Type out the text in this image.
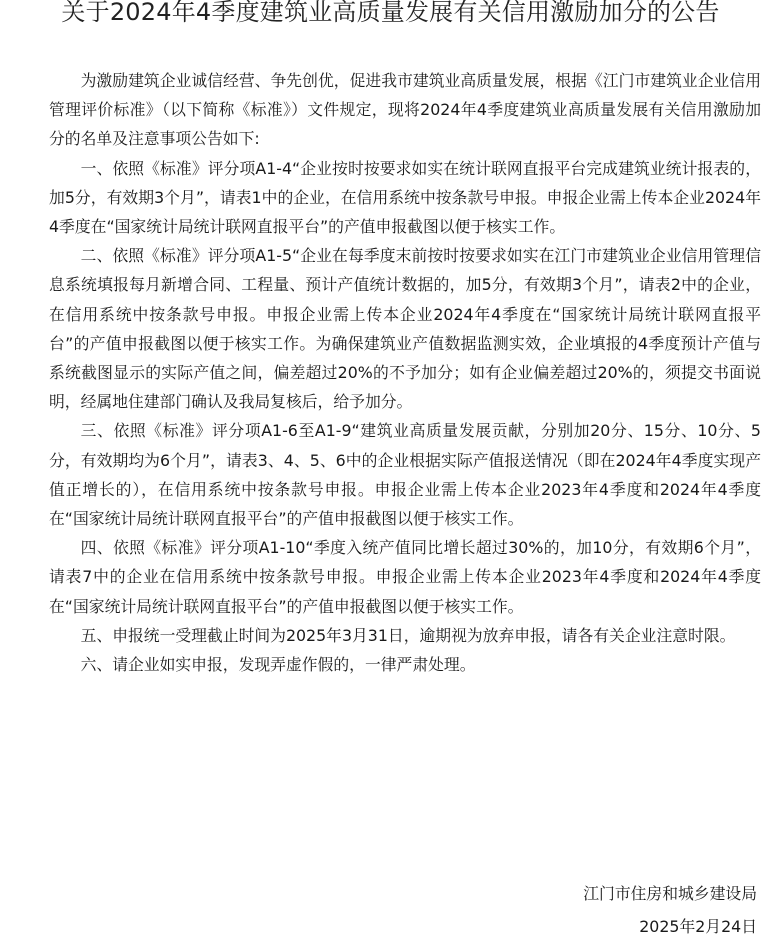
关于2024年4季度建筑业高质量发展有关信用激励加分的公告

为激励建筑企业诚信经营、争先创优，促进我市建筑业高质量发展，根据《江门市建筑业企业信用管理评价标准》（以下简称《标准》）文件规定，现将2024年4季度建筑业高质量发展有关信用激励加分的名单及注意事项公告如下:

一、依照《标准》评分项A1-4“企业按时按要求如实在统计联网直报平台完成建筑业统计报表的，加5分，有效期3个月”，请表1中的企业，在信用系统中按条款号申报。申报企业需上传本企业2024年4季度在“国家统计局统计联网直报平台”的产值申报截图以便于核实工作。

二、依照《标准》评分项A1-5“企业在每季度末前按时按要求如实在江门市建筑业企业信用管理信息系统填报每月新增合同、工程量、预计产值统计数据的，加5分，有效期3个月”，请表2中的企业，在信用系统中按条款号申报。申报企业需上传本企业2024年4季度在“国家统计局统计联网直报平台”的产值申报截图以便于核实工作。为确保建筑业产值数据监测实效，企业填报的4季度预计产值与系统截图显示的实际产值之间，偏差超过20%的不予加分；如有企业偏差超过20%的，须提交书面说明，经属地住建部门确认及我局复核后，给予加分。

三、依照《标准》评分项A1-6至A1-9“建筑业高质量发展贡献，分别加20分、15分、10分、5分，有效期均为6个月”，请表3、4、5、6中的企业根据实际产值报送情况（即在2024年4季度实现产值正增长的），在信用系统中按条款号申报。申报企业需上传本企业2023年4季度和2024年4季度在“国家统计局统计联网直报平台”的产值申报截图以便于核实工作。

四、依照《标准》评分项A1-10“季度入统产值同比增长超过30%的，加10分，有效期6个月”，请表7中的企业在信用系统中按条款号申报。申报企业需上传本企业2023年4季度和2024年4季度在“国家统计局统计联网直报平台”的产值申报截图以便于核实工作。

五、申报统一受理截止时间为2025年3月31日，逾期视为放弃申报，请各有关企业注意时限。

六、请企业如实申报，发现弄虚作假的，一律严肃处理。

江门市住房和城乡建设局

2025年2月24日
